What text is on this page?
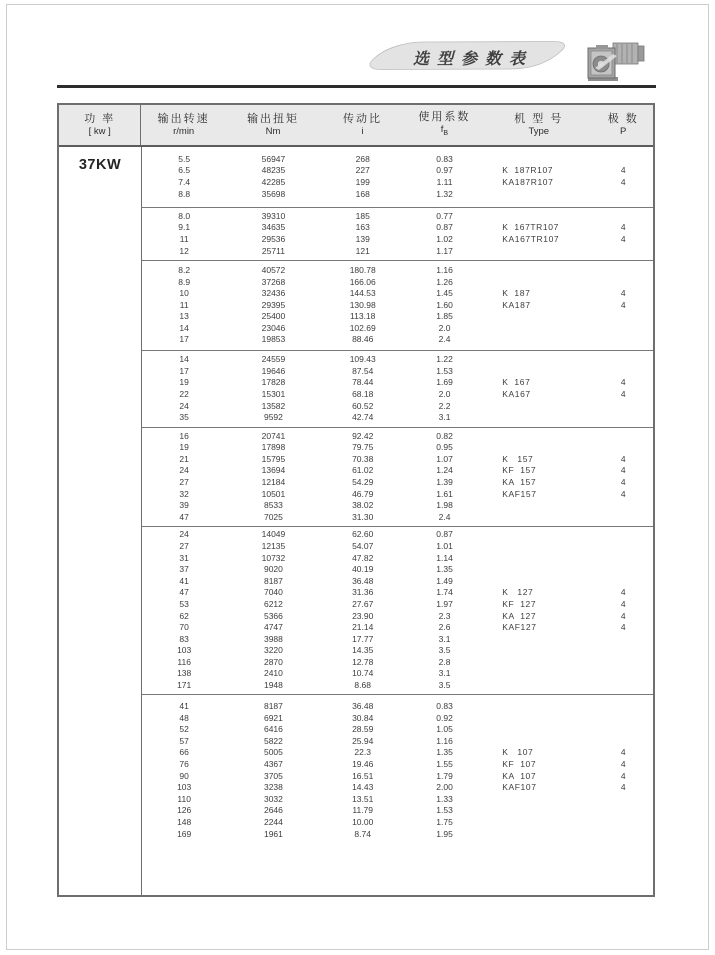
选型参数表
功 率
[ kw ]
输出转速
r/min
输出扭矩
Nm
传动比
i
使用系数
$f_B$
机 型 号
Type
极 数
P
37KW	5.5	56947	268	0.83
6.5	48235	227	0.97	K  187R107	4
7.4	42285	199	1.11	KA187R107	4
8.8	35698	168	1.32
8.0	39310	185	0.77
9.1	34635	163	0.87	K  167TR107	4
11	29536	139	1.02	KA167TR107	4
12	25711	121	1.17
8.2	40572	180.78	1.16
8.9	37268	166.06	1.26
10	32436	144.53	1.45	K  187	4
11	29395	130.98	1.60	KA187	4
13	25400	113.18	1.85
14	23046	102.69	2.0
17	19853	88.46	2.4
14	24559	109.43	1.22
17	19646	87.54	1.53
19	17828	78.44	1.69	K  167	4
22	15301	68.18	2.0	KA167	4
24	13582	60.52	2.2
35	9592	42.74	3.1
16	20741	92.42	0.82
19	17898	79.75	0.95
21	15795	70.38	1.07	K   157	4
24	13694	61.02	1.24	KF  157	4
27	12184	54.29	1.39	KA  157	4
32	10501	46.79	1.61	KAF157	4
39	8533	38.02	1.98
47	7025	31.30	2.4
24	14049	62.60	0.87
27	12135	54.07	1.01
31	10732	47.82	1.14
37	9020	40.19	1.35
41	8187	36.48	1.49
47	7040	31.36	1.74	K   127	4
53	6212	27.67	1.97	KF  127	4
62	5366	23.90	2.3	KA  127	4
70	4747	21.14	2.6	KAF127	4
83	3988	17.77	3.1
103	3220	14.35	3.5
116	2870	12.78	2.8
138	2410	10.74	3.1
171	1948	8.68	3.5
41	8187	36.48	0.83
48	6921	30.84	0.92
52	6416	28.59	1.05
57	5822	25.94	1.16
66	5005	22.3	1.35	K   107	4
76	4367	19.46	1.55	KF  107	4
90	3705	16.51	1.79	KA  107	4
103	3238	14.43	2.00	KAF107	4
110	3032	13.51	1.33
126	2646	11.79	1.53
148	2244	10.00	1.75
169	1961	8.74	1.95
